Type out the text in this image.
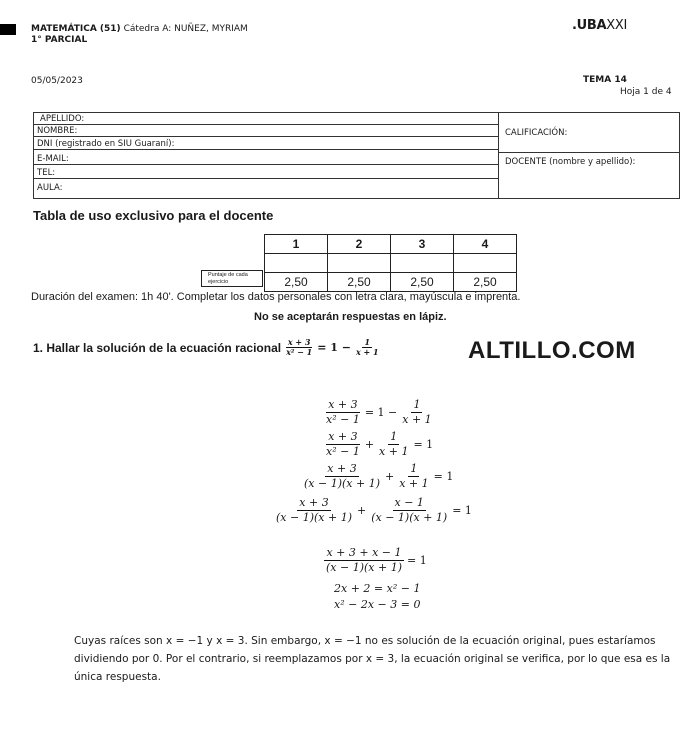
MATEMÁTICA (51) Cátedra A: NUÑEZ, MYRIAM
1° PARCIAL
.UBAXXI
05/05/2023	TEMA 14
Hoja 1 de 4
APELLIDO:
NOMBRE:
DNI (registrado en SIU Guaraní):
E-MAIL:
TEL:
AULA:
CALIFICACIÓN:
DOCENTE (nombre y apellido):
Tabla de uso exclusivo para el docente
1	2	3	4

2,50	2,50	2,50	2,50
Puntaje de cada ejercicio
Duración del examen: 1h 40'. Completar los datos personales con letra clara, mayúscula e imprenta.
No se aceptarán respuestas en lápiz.
1. Hallar la solución de la ecuación racional $\frac{x + 3}{\text{x² − 1}} = 1 - \frac{1}{x + 1}$	ALTILLO.COM
$\frac{x + 3}{\text{x² − 1}} = 1 - \frac{1}{x + 1}$
$\frac{x + 3}{\text{x² − 1}} + \frac{1}{x + 1} = 1$
$\frac{x + 3}{(x - 1)(x + 1)} + \frac{1}{x + 1} = 1$
$\frac{x + 3}{(x - 1)(x + 1)} + \frac{x - 1}{(x - 1)(x + 1)} = 1$
$\frac{x + 3 + x - 1}{(x - 1)(x + 1)} = 1$
2x + 2 = x² − 1
x² − 2x − 3 = 0
Cuyas raíces son x = −1 y x = 3. Sin embargo, x = −1 no es solución de la ecuación original, pues estaríamos dividiendo por 0. Por el contrario, si reemplazamos por x = 3, la ecuación original se verifica, por lo que esa es la única respuesta.
